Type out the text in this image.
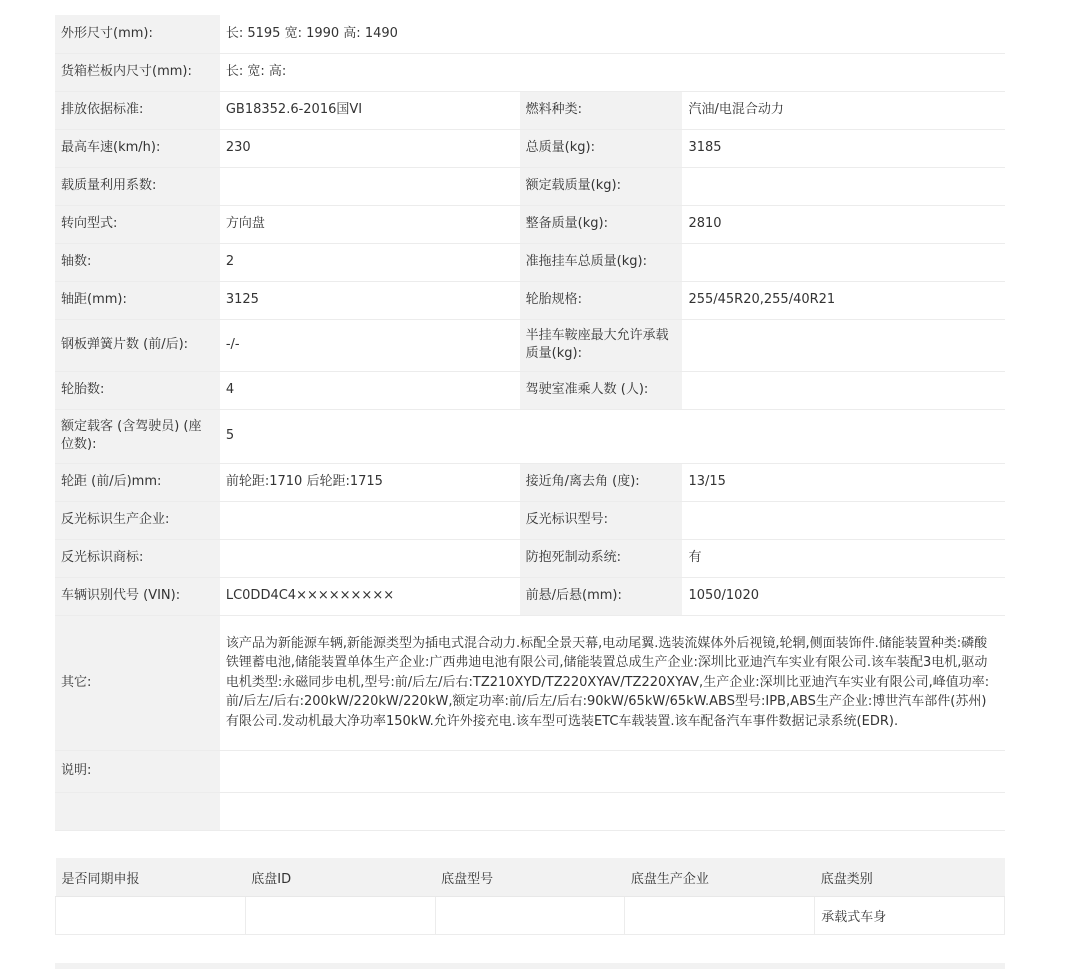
外形尺寸(mm):	长: 5195 宽: 1990 高: 1490		
货箱栏板内尺寸(mm):	长: 宽: 高:		
排放依据标准:	GB18352.6-2016国VI	燃料种类:	汽油/电混合动力
最高车速(km/h):	230	总质量(kg):	3185
载质量利用系数:		额定载质量(kg):	
转向型式:	方向盘	整备质量(kg):	2810
轴数:	2	准拖挂车总质量(kg):	
轴距(mm):	3125	轮胎规格:	255/45R20,255/40R21
钢板弹簧片数 (前/后):	-/-	半挂车鞍座最大允许承载质量(kg):	
轮胎数:	4	驾驶室准乘人数 (人):	
额定载客 (含驾驶员) (座位数):	5		
轮距 (前/后)mm:	前轮距:1710 后轮距:1715	接近角/离去角 (度):	13/15
反光标识生产企业:		反光标识型号:	
反光标识商标:		防抱死制动系统:	有
车辆识别代号 (VIN):	LC0DD4C4×××××××××	前悬/后悬(mm):	1050/1020
其它:	该产品为新能源车辆,新能源类型为插电式混合动力.标配全景天幕,电动尾翼.选装流媒体外后视镜,轮辋,侧面装饰件.储能装置种类:磷酸铁锂蓄电池,储能装置单体生产企业:广西弗迪电池有限公司,储能装置总成生产企业:深圳比亚迪汽车实业有限公司.该车装配3电机,驱动电机类型:永磁同步电机,型号:前/后左/后右:TZ210XYD/TZ220XYAV/TZ220XYAV,生产企业:深圳比亚迪汽车实业有限公司,峰值功率:前/后左/后右:200kW/220kW/220kW,额定功率:前/后左/后右:90kW/65kW/65kW.ABS型号:IPB,ABS生产企业:博世汽车部件(苏州)有限公司.发动机最大净功率150kW.允许外接充电.该车型可选装ETC车载装置.该车配备汽车事件数据记录系统(EDR).		
说明:			

是否同期申报	底盘ID	底盘型号	底盘生产企业	底盘类别
				承载式车身
